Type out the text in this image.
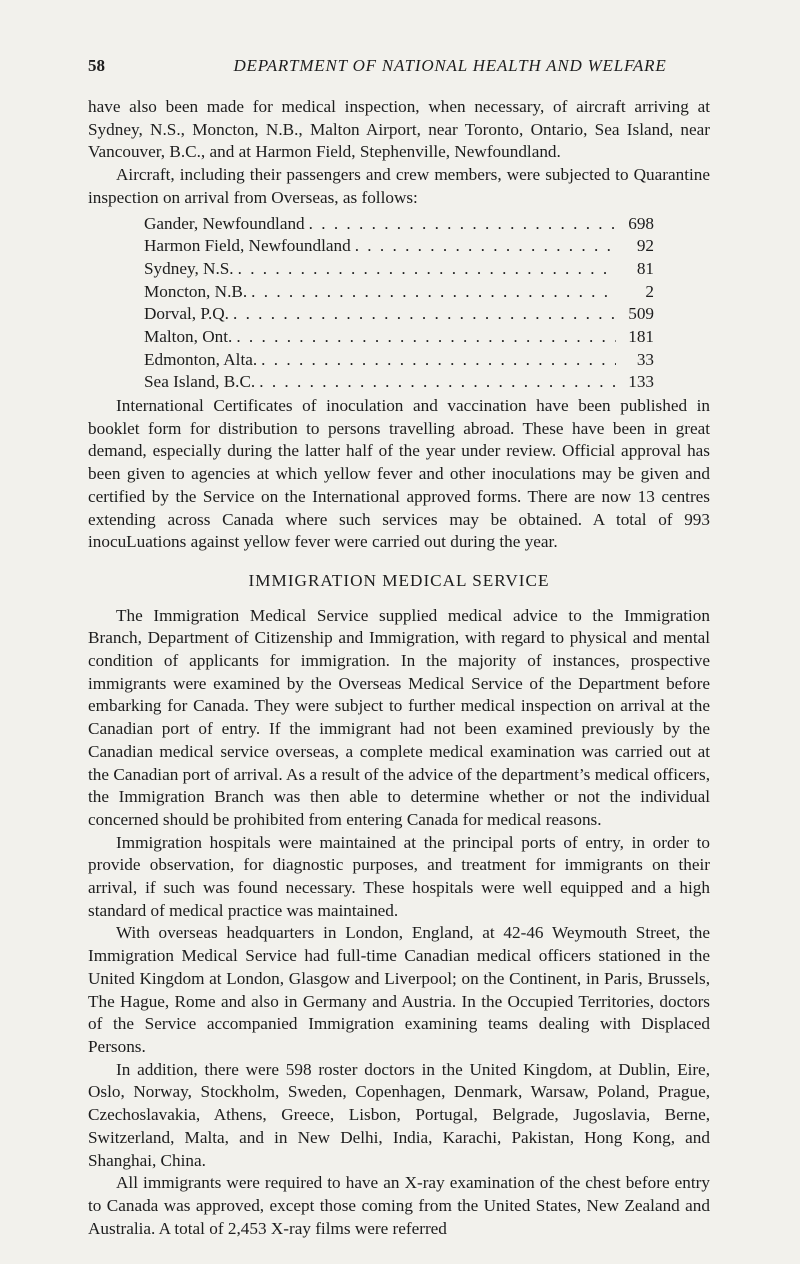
58	DEPARTMENT OF NATIONAL HEALTH AND WELFARE

have also been made for medical inspection, when necessary, of aircraft arriving at Sydney, N.S., Moncton, N.B., Malton Airport, near Toronto, Ontario, Sea Island, near Vancouver, B.C., and at Harmon Field, Stephenville, Newfoundland.

Aircraft, including their passengers and crew members, were subjected to Quarantine inspection on arrival from Overseas, as follows:

Gander, Newfoundland . . .	698
Harmon Field, Newfoundland . . .	92
Sydney, N.S. . . .	81
Moncton, N.B. . . .	2
Dorval, P.Q. . . .	509
Malton, Ont. . . .	181
Edmonton, Alta. . . .	33
Sea Island, B.C. . . .	133

International Certificates of inoculation and vaccination have been published in booklet form for distribution to persons travelling abroad. These have been in great demand, especially during the latter half of the year under review. Official approval has been given to agencies at which yellow fever and other inoculations may be given and certified by the Service on the International approved forms. There are now 13 centres extending across Canada where such services may be obtained. A total of 993 inocuLuations against yellow fever were carried out during the year.

IMMIGRATION MEDICAL SERVICE

The Immigration Medical Service supplied medical advice to the Immigration Branch, Department of Citizenship and Immigration, with regard to physical and mental condition of applicants for immigration. In the majority of instances, prospective immigrants were examined by the Overseas Medical Service of the Department before embarking for Canada. They were subject to further medical inspection on arrival at the Canadian port of entry. If the immigrant had not been examined previously by the Canadian medical service overseas, a complete medical examination was carried out at the Canadian port of arrival. As a result of the advice of the department’s medical officers, the Immigration Branch was then able to determine whether or not the individual concerned should be prohibited from entering Canada for medical reasons.

Immigration hospitals were maintained at the principal ports of entry, in order to provide observation, for diagnostic purposes, and treatment for immigrants on their arrival, if such was found necessary. These hospitals were well equipped and a high standard of medical practice was maintained.

With overseas headquarters in London, England, at 42-46 Weymouth Street, the Immigration Medical Service had full-time Canadian medical officers stationed in the United Kingdom at London, Glasgow and Liverpool; on the Continent, in Paris, Brussels, The Hague, Rome and also in Germany and Austria. In the Occupied Territories, doctors of the Service accompanied Immigration examining teams dealing with Displaced Persons.

In addition, there were 598 roster doctors in the United Kingdom, at Dublin, Eire, Oslo, Norway, Stockholm, Sweden, Copenhagen, Denmark, Warsaw, Poland, Prague, Czechoslavakia, Athens, Greece, Lisbon, Portugal, Belgrade, Jugoslavia, Berne, Switzerland, Malta, and in New Delhi, India, Karachi, Pakistan, Hong Kong, and Shanghai, China.

All immigrants were required to have an X-ray examination of the chest before entry to Canada was approved, except those coming from the United States, New Zealand and Australia. A total of 2,453 X-ray films were referred
